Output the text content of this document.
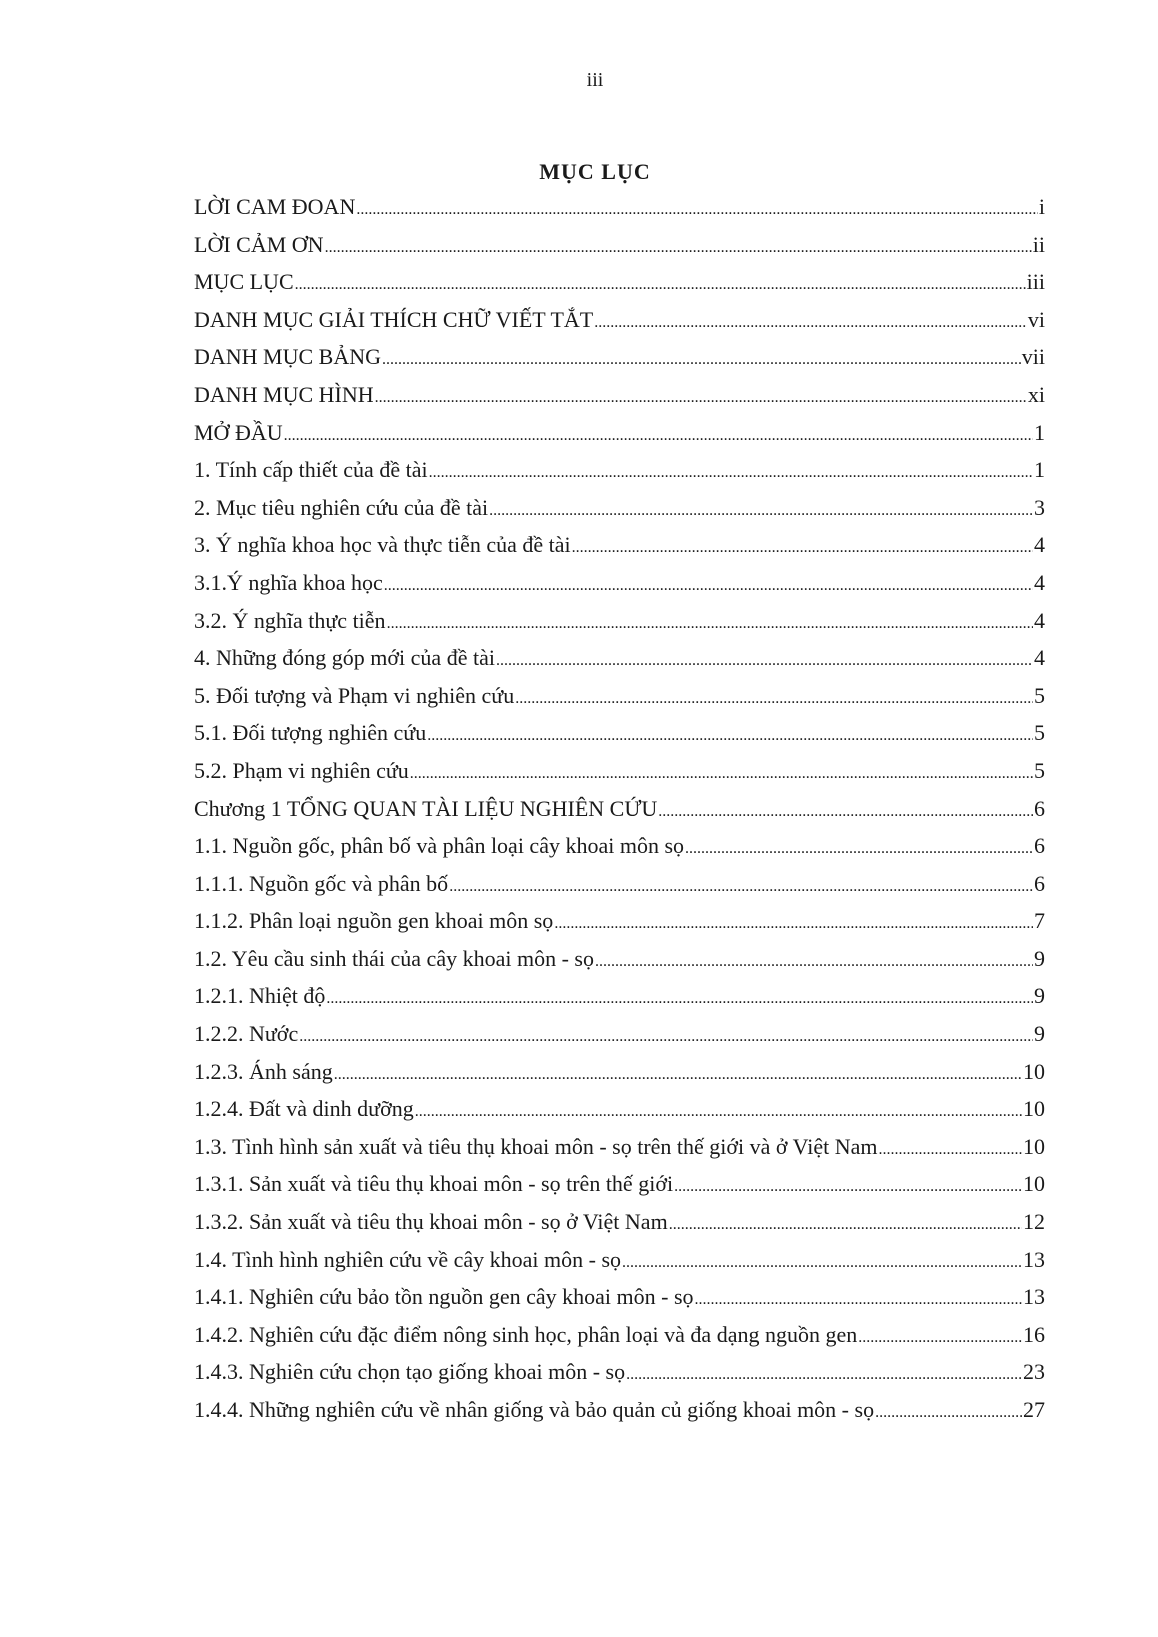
iii
MỤC LỤC
LỜI CAM ĐOAN .....	i
LỜI CẢM ƠN .....	ii
MỤC LỤC .....	iii
DANH MỤC GIẢI THÍCH CHỮ VIẾT TẮT .....	vi
DANH MỤC BẢNG .....	vii
DANH MỤC HÌNH .....	xi
MỞ ĐẦU .....	1
1. Tính cấp thiết của đề tài .....	1
2. Mục tiêu nghiên cứu của đề tài .....	3
3. Ý nghĩa khoa học và thực tiễn của đề tài .....	4
3.1.Ý nghĩa khoa học .....	4
3.2. Ý nghĩa thực tiễn .....	4
4. Những đóng góp mới của đề tài .....	4
5. Đối tượng và Phạm vi nghiên cứu .....	5
5.1. Đối tượng nghiên cứu .....	5
5.2. Phạm vi nghiên cứu .....	5
Chương 1 TỔNG QUAN TÀI LIỆU NGHIÊN CỨU .....	6
1.1. Nguồn gốc, phân bố và phân loại cây khoai môn sọ .....	6
1.1.1. Nguồn gốc và phân bố .....	6
1.1.2. Phân loại nguồn gen khoai môn sọ .....	7
1.2. Yêu cầu sinh thái của cây khoai môn - sọ .....	9
1.2.1. Nhiệt độ .....	9
1.2.2. Nước .....	9
1.2.3. Ánh sáng .....	10
1.2.4. Đất và dinh dưỡng .....	10
1.3. Tình hình sản xuất và tiêu thụ khoai môn - sọ trên thế giới và ở Việt Nam .....	10
1.3.1. Sản xuất và tiêu thụ khoai môn - sọ trên thế giới .....	10
1.3.2. Sản xuất và tiêu thụ khoai môn - sọ ở Việt Nam .....	12
1.4. Tình hình nghiên cứu về cây khoai môn - sọ .....	13
1.4.1. Nghiên cứu bảo tồn nguồn gen cây khoai môn - sọ .....	13
1.4.2. Nghiên cứu đặc điểm nông sinh học, phân loại và đa dạng nguồn gen .....	16
1.4.3. Nghiên cứu chọn tạo giống khoai môn - sọ .....	23
1.4.4. Những nghiên cứu về nhân giống và bảo quản củ giống khoai môn - sọ .....	27
